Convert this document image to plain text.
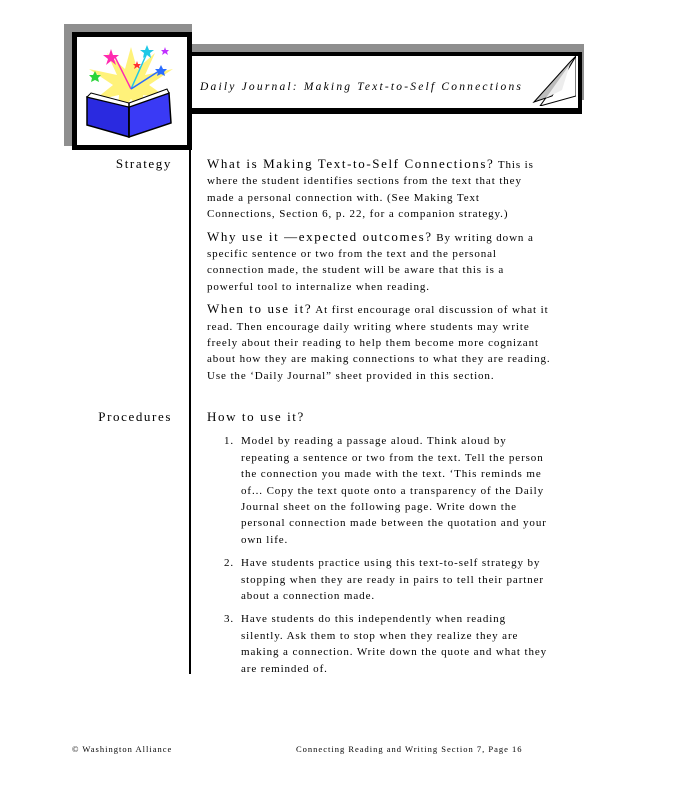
Daily Journal: Making Text-to-Self Connections
Strategy	What is Making Text-to-Self Connections? This is where the student identifies sections from the text that they made a personal connection with. (See Making Text Connections, Section 6, p. 22, for a companion strategy.)

Why use it —expected outcomes? By writing down a specific sentence or two from the text and the personal connection made, the student will be aware that this is a powerful tool to internalize when reading.

When to use it? At first encourage oral discussion of what it read. Then encourage daily writing where students may write freely about their reading to help them become more cognizant about how they are making connections to what they are reading. Use the ‘Daily Journal” sheet provided in this section.

Procedures	How to use it?

1. Model by reading a passage aloud. Think aloud by repeating a sentence or two from the text. Tell the person the connection you made with the text. ‘This reminds me of... Copy the text quote onto a transparency of the Daily Journal sheet on the following page. Write down the personal connection made between the quotation and your own life.
2. Have students practice using this text-to-self strategy by stopping when they are ready in pairs to tell their partner about a connection made.
3. Have students do this independently when reading silently. Ask them to stop when they realize they are making a connection. Write down the quote and what they are reminded of.
© Washington Alliance	Connecting Reading and Writing Section 7, Page 16
